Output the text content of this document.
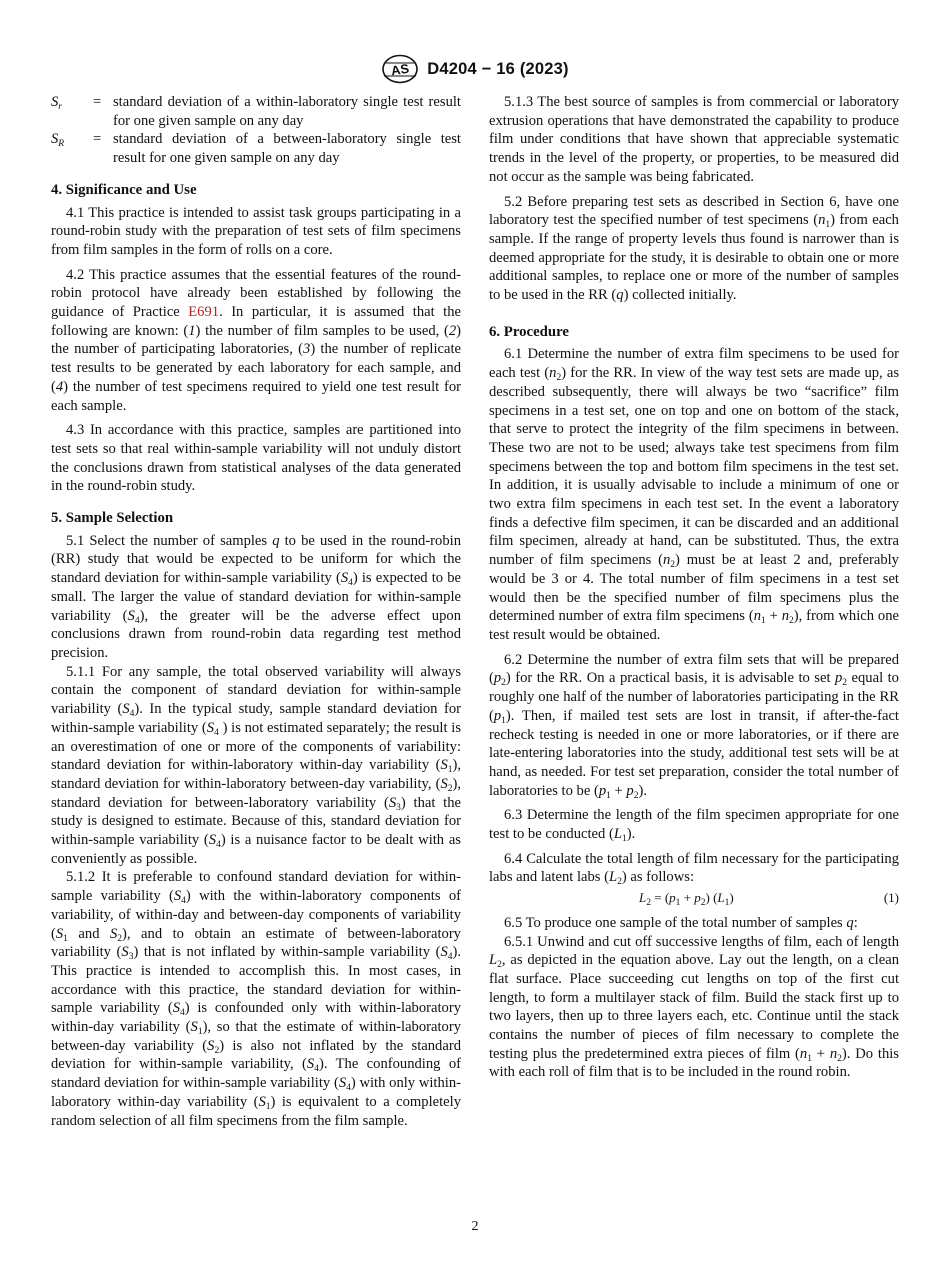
AS D4204 − 16 (2023)
$S_r$	= standard deviation of a within-laboratory single test result for one given sample on any day
$S_R$	= standard deviation of a between-laboratory single test result for one given sample on any day
4. Significance and Use

4.1 This practice is intended to assist task groups participating in a round-robin study with the preparation of test sets of film specimens from film samples in the form of rolls on a core.

4.2 This practice assumes that the essential features of the round-robin protocol have already been established by following the guidance of Practice E691. In particular, it is assumed that the following are known: (1) the number of film samples to be used, (2) the number of participating laboratories, (3) the number of replicate test results to be generated by each laboratory for each sample, and (4) the number of test specimens required to yield one test result for each sample.

4.3 In accordance with this practice, samples are partitioned into test sets so that real within-sample variability will not unduly distort the conclusions drawn from statistical analyses of the data generated in the round-robin study.

5. Sample Selection

5.1 Select the number of samples q to be used in the round-robin (RR) study that would be expected to be uniform for which the standard deviation for within-sample variability $(S_4)$ is expected to be small. The larger the value of standard deviation for within-sample variability $(S_4)$, the greater will be the adverse effect upon conclusions drawn from round-robin data regarding test method precision.

5.1.1 For any sample, the total observed variability will always contain the component of standard deviation for within-sample variability $(S_4)$. In the typical study, sample standard deviation for within-sample variability ($S_4$ ) is not estimated separately; the result is an overestimation of one or more of the components of variability: standard deviation for within-laboratory within-day variability $(S_1)$, standard deviation for within-laboratory between-day variability, $(S_2)$, standard deviation for between-laboratory variability $(S_3)$ that the study is designed to estimate. Because of this, standard deviation for within-sample variability $(S_4)$ is a nuisance factor to be dealt with as conveniently as possible.

5.1.2 It is preferable to confound standard deviation for within-sample variability $(S_4)$ with the within-laboratory components of variability, of within-day and between-day components of variability ($S_1$ and $S_2$), and to obtain an estimate of between-laboratory variability $(S_3)$ that is not inflated by within-sample variability $(S_4)$. This practice is intended to accomplish this. In most cases, in accordance with this practice, the standard deviation for within-sample variability $(S_4)$ is confounded only with within-laboratory within-day variability $(S_1)$, so that the estimate of within-laboratory between-day variability $(S_2)$ is also not inflated by the standard deviation for within-sample variability, $(S_4)$. The confounding of standard deviation for within-sample variability $(S_4)$ with only within-laboratory within-day variability $(S_1)$ is equivalent to a completely random selection of all film specimens from the film sample.

5.1.3 The best source of samples is from commercial or laboratory extrusion operations that have demonstrated the capability to produce film under conditions that have shown that appreciable systematic trends in the level of the property, or properties, to be measured did not occur as the sample was being fabricated.

5.2 Before preparing test sets as described in Section 6, have one laboratory test the specified number of test specimens $(n_1)$ from each sample. If the range of property levels thus found is narrower than is deemed appropriate for the study, it is desirable to obtain one or more additional samples, to replace one or more of the number of samples to be used in the RR (q) collected initially.

6. Procedure

6.1 Determine the number of extra film specimens to be used for each test $(n_2)$ for the RR. In view of the way test sets are made up, as described subsequently, there will always be two “sacrifice” film specimens in a test set, one on top and one on bottom of the stack, that serve to protect the integrity of the film specimens in between. These two are not to be used; always take test specimens from film specimens between the top and bottom film specimens in the test set. In addition, it is usually advisable to include a minimum of one or two extra film specimens in each test set. In the event a laboratory finds a defective film specimen, it can be discarded and an additional film specimen, already at hand, can be substituted. Thus, the extra number of film specimens $(n_2)$ must be at least 2 and, preferably would be 3 or 4. The total number of film specimens in a test set would then be the specified number of film specimens plus the determined number of extra film specimens $(n_1 + n_2)$, from which one test result would be obtained.

6.2 Determine the number of extra film sets that will be prepared $(p_2)$ for the RR. On a practical basis, it is advisable to set $p_2$ equal to roughly one half of the number of laboratories participating in the RR $(p_1)$. Then, if mailed test sets are lost in transit, if after-the-fact recheck testing is needed in one or more laboratories, or if there are late-entering laboratories into the study, additional test sets will be at hand, as needed. For test set preparation, consider the total number of laboratories to be $(p_1 + p_2)$.

6.3 Determine the length of the film specimen appropriate for one test to be conducted $(L_1)$.

6.4 Calculate the total length of film necessary for the participating labs and latent labs $(L_2)$ as follows:

$L_2 = (p_1 + p_2)$ $(L_1)$	(1)

6.5 To produce one sample of the total number of samples q:

6.5.1 Unwind and cut off successive lengths of film, each of length $L_2$, as depicted in the equation above. Lay out the length, on a clean flat surface. Place succeeding cut lengths on top of the first cut length, to form a multilayer stack of film. Build the stack first up to two layers, then up to three layers each, etc. Continue until the stack contains the number of pieces of film necessary to complete the testing plus the predetermined extra pieces of film $(n_1 + n_2)$. Do this with each roll of film that is to be included in the round robin.

2
